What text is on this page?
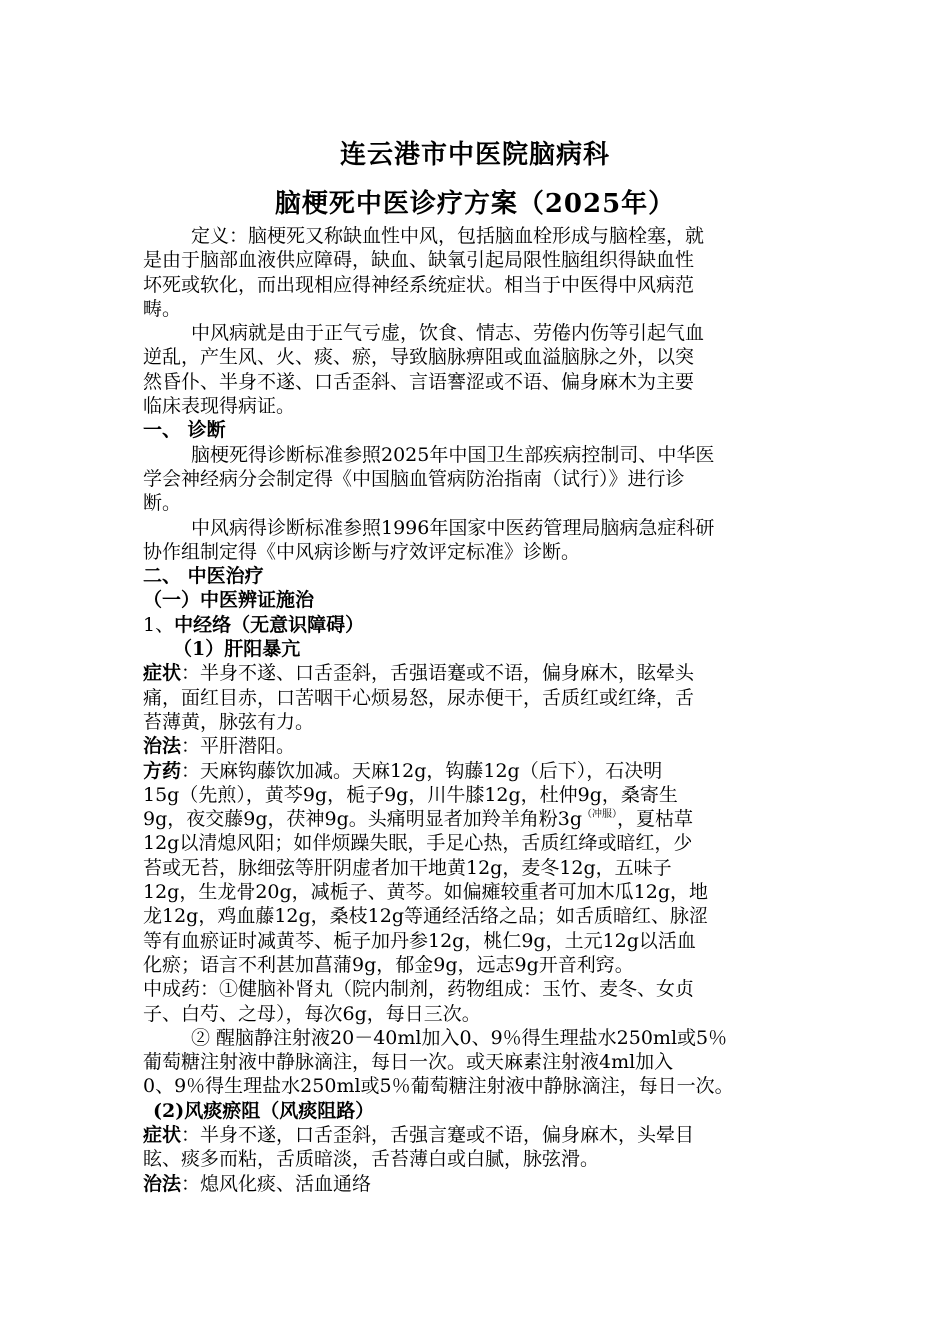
连云港市中医院脑病科
脑梗死中医诊疗方案（2025年）
定义：脑梗死又称缺血性中风，包括脑血栓形成与脑栓塞，就
是由于脑部血液供应障碍，缺血、缺氧引起局限性脑组织得缺血性
坏死或软化，而出现相应得神经系统症状。相当于中医得中风病范
畴。
中风病就是由于正气亏虚，饮食、情志、劳倦内伤等引起气血
逆乱，产生风、火、痰、瘀，导致脑脉痹阻或血溢脑脉之外，以突
然昏仆、半身不遂、口舌歪斜、言语謇涩或不语、偏身麻木为主要
临床表现得病证。
一、 诊断
脑梗死得诊断标准参照2025年中国卫生部疾病控制司、中华医
学会神经病分会制定得《中国脑血管病防治指南（试行）》进行诊
断。
中风病得诊断标准参照1996年国家中医药管理局脑病急症科研
协作组制定得《中风病诊断与疗效评定标准》诊断。
二、 中医治疗
（一）中医辨证施治
1、中经络（无意识障碍）
（1）肝阳暴亢
症状：半身不遂、口舌歪斜，舌强语蹇或不语，偏身麻木，眩晕头
痛，面红目赤，口苦咽干心烦易怒，尿赤便干，舌质红或红绛，舌
苔薄黄，脉弦有力。
治法：平肝潜阳。
方药：天麻钩藤饮加减。天麻12g，钩藤12g（后下），石决明
15g（先煎），黄芩9g，栀子9g，川牛膝12g，杜仲9g，桑寄生
9g，夜交藤9g，茯神9g。头痛明显者加羚羊角粉$3g^{(冲服)}$，夏枯草
12g以清熄风阳；如伴烦躁失眠，手足心热，舌质红绛或暗红，少
苔或无苔，脉细弦等肝阴虚者加干地黄12g，麦冬12g，五味子
12g，生龙骨20g，减栀子、黄芩。如偏瘫较重者可加木瓜12g，地
龙12g，鸡血藤12g，桑枝12g等通经活络之品；如舌质暗红、脉涩
等有血瘀证时减黄芩、栀子加丹参12g，桃仁9g，土元12g以活血
化瘀；语言不利甚加菖蒲9g，郁金9g，远志9g开音利窍。
中成药：①健脑补肾丸（院内制剂，药物组成：玉竹、麦冬、女贞
子、白芍、之母），每次6g，每日三次。
② 醒脑静注射液20－40ml加入0、9％得生理盐水250ml或5％
葡萄糖注射液中静脉滴注，每日一次。或天麻素注射液4ml加入
0、9％得生理盐水250ml或5％葡萄糖注射液中静脉滴注，每日一次。
(2)风痰瘀阻（风痰阻路）
症状：半身不遂，口舌歪斜，舌强言蹇或不语，偏身麻木，头晕目
眩、痰多而粘，舌质暗淡，舌苔薄白或白腻，脉弦滑。
治法：熄风化痰、活血通络
